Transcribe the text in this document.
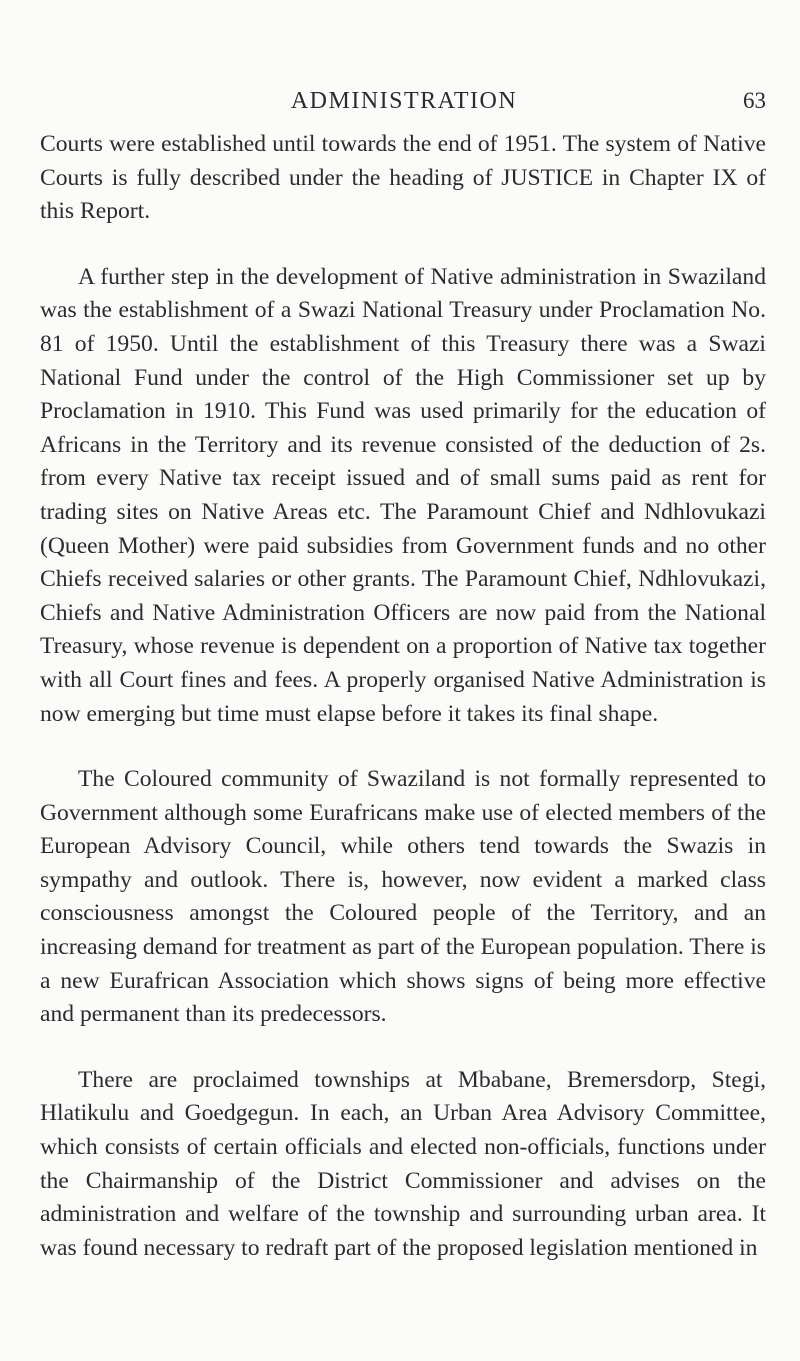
ADMINISTRATION	63

Courts were established until towards the end of 1951. The system of Native Courts is fully described under the heading of JUSTICE in Chapter IX of this Report.

A further step in the development of Native administration in Swaziland was the establishment of a Swazi National Treasury under Proclamation No. 81 of 1950. Until the establishment of this Treasury there was a Swazi National Fund under the control of the High Commissioner set up by Proclamation in 1910. This Fund was used primarily for the education of Africans in the Territory and its revenue consisted of the deduction of 2s. from every Native tax receipt issued and of small sums paid as rent for trading sites on Native Areas etc. The Paramount Chief and Ndhlovukazi (Queen Mother) were paid subsidies from Government funds and no other Chiefs received salaries or other grants. The Paramount Chief, Ndhlovukazi, Chiefs and Native Administration Officers are now paid from the National Treasury, whose revenue is dependent on a proportion of Native tax together with all Court fines and fees. A properly organised Native Administration is now emerging but time must elapse before it takes its final shape.

The Coloured community of Swaziland is not formally represented to Government although some Eurafricans make use of elected members of the European Advisory Council, while others tend towards the Swazis in sympathy and outlook. There is, however, now evident a marked class consciousness amongst the Coloured people of the Territory, and an increasing demand for treatment as part of the European population. There is a new Eurafrican Association which shows signs of being more effective and permanent than its predecessors.

There are proclaimed townships at Mbabane, Bremersdorp, Stegi, Hlatikulu and Goedgegun. In each, an Urban Area Advisory Committee, which consists of certain officials and elected non-officials, functions under the Chairmanship of the District Commissioner and advises on the administration and welfare of the township and surrounding urban area. It was found necessary to redraft part of the proposed legislation mentioned in
